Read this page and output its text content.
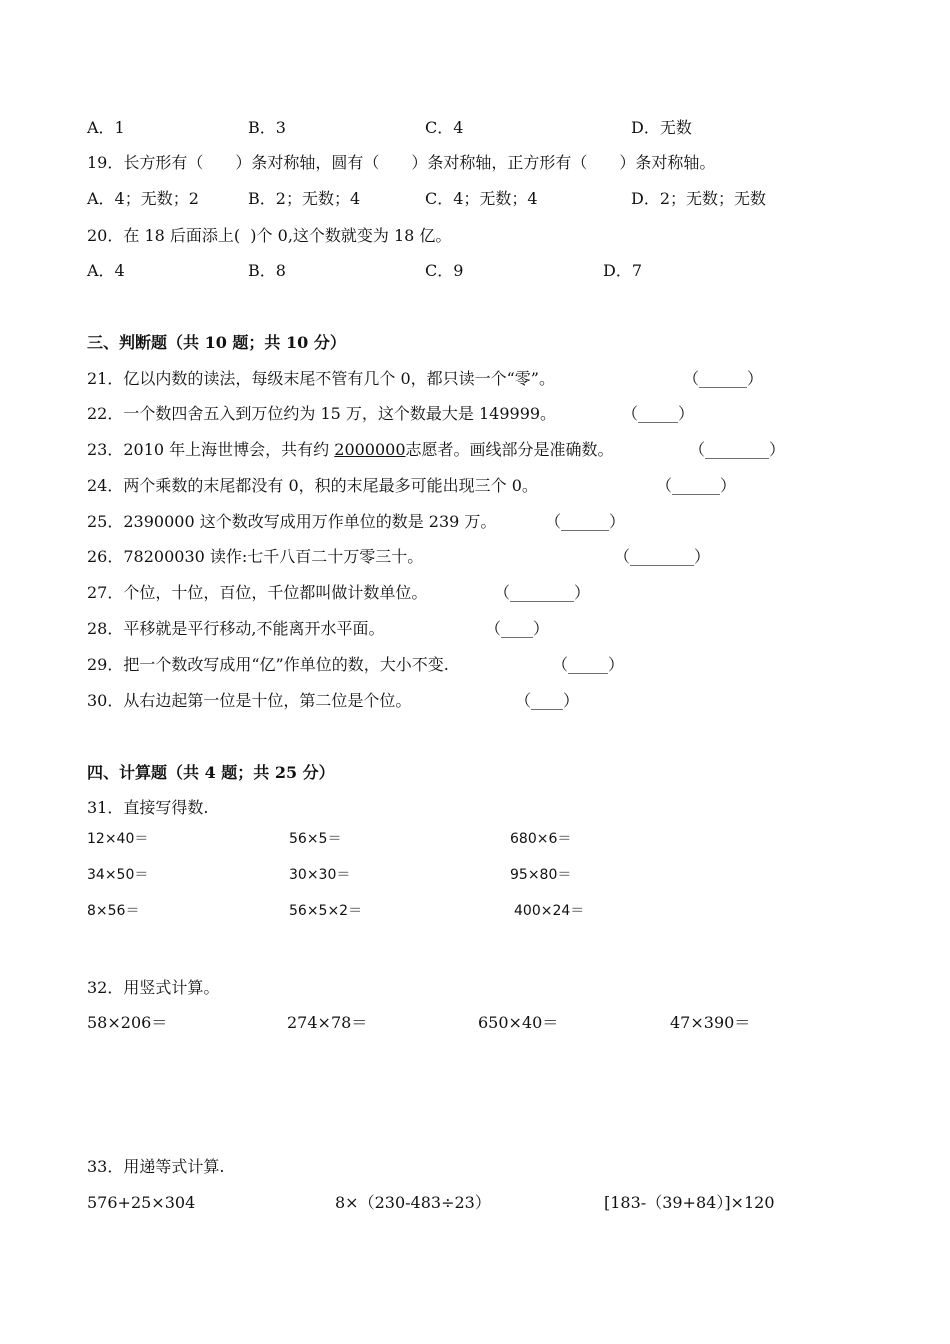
A．1	B．3	C．4	D．无数
19．长方形有（　　）条对称轴，圆有（　　）条对称轴，正方形有（　　）条对称轴。
A．4；无数；2	B．2；无数；4	C．4；无数；4	D．2；无数；无数
20．在 18 后面添上(  )个 0,这个数就变为 18 亿。
A．4	B．8	C．9	D．7
三、判断题（共 10 题；共 10 分）
21．亿以内数的读法，每级末尾不管有几个 0，都只读一个“零”。	（______）
22．一个数四舍五入到万位约为 15 万，这个数最大是 149999。	（_____）
23．2010 年上海世博会，共有约 2000000志愿者。画线部分是准确数。	（________）
24．两个乘数的末尾都没有 0，积的末尾最多可能出现三个 0。	（______）
25．2390000 这个数改写成用万作单位的数是 239 万。	（______）
26．78200030 读作:七千八百二十万零三十。	（________）
27．个位，十位，百位，千位都叫做计数单位。	（________）
28．平移就是平行移动,不能离开水平面。	（____）
29．把一个数改写成用“亿”作单位的数，大小不变.	（_____）
30．从右边起第一位是十位，第二位是个位。	（____）
四、计算题（共 4 题；共 25 分）
31．直接写得数.
12×40＝	56×5＝	680×6＝
34×50＝	30×30＝	95×80＝
8×56＝	56×5×2＝	400×24＝
32．用竖式计算。
58×206＝	274×78＝	650×40＝	47×390＝
33．用递等式计算.
576+25×304	8×（230-483÷23）	[183-（39+84）]×120
